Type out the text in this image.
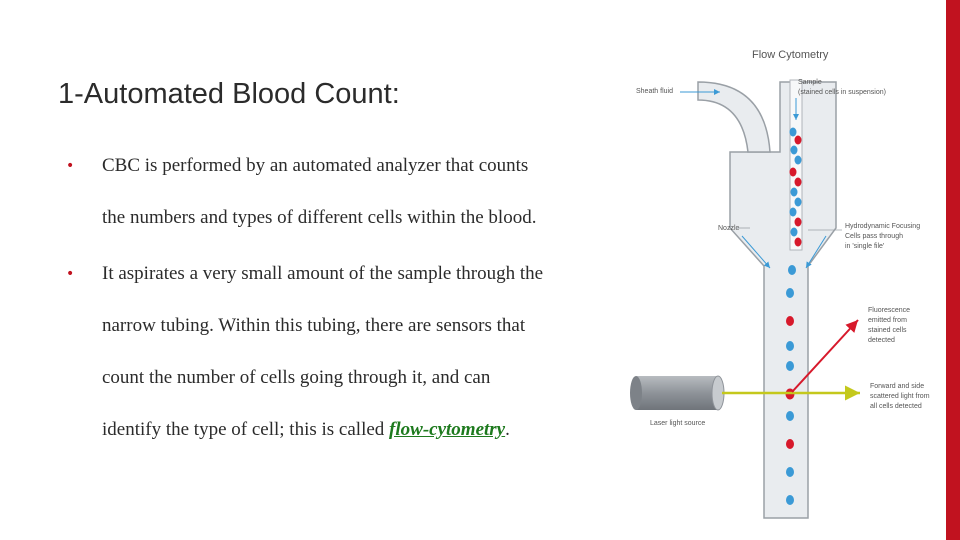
1-Automated Blood Count:
•	CBC is performed by an automated analyzer that counts
the numbers and types of different cells within the blood.
•	It aspirates a very small amount of the sample through the
narrow tubing. Within this tubing, there are sensors that
count the number of cells going through it, and can
identify the type of cell; this is called flow-cytometry.
Flow Cytometry
Sheath fluid
Sample
(stained cells in suspension)
Nozzle	Hydrodynamic Focusing
Cells pass through
in 'single file'
Laser light source
Fluorescence
emitted from
stained cells
detected
Forward and side
scattered light from
all cells detected
